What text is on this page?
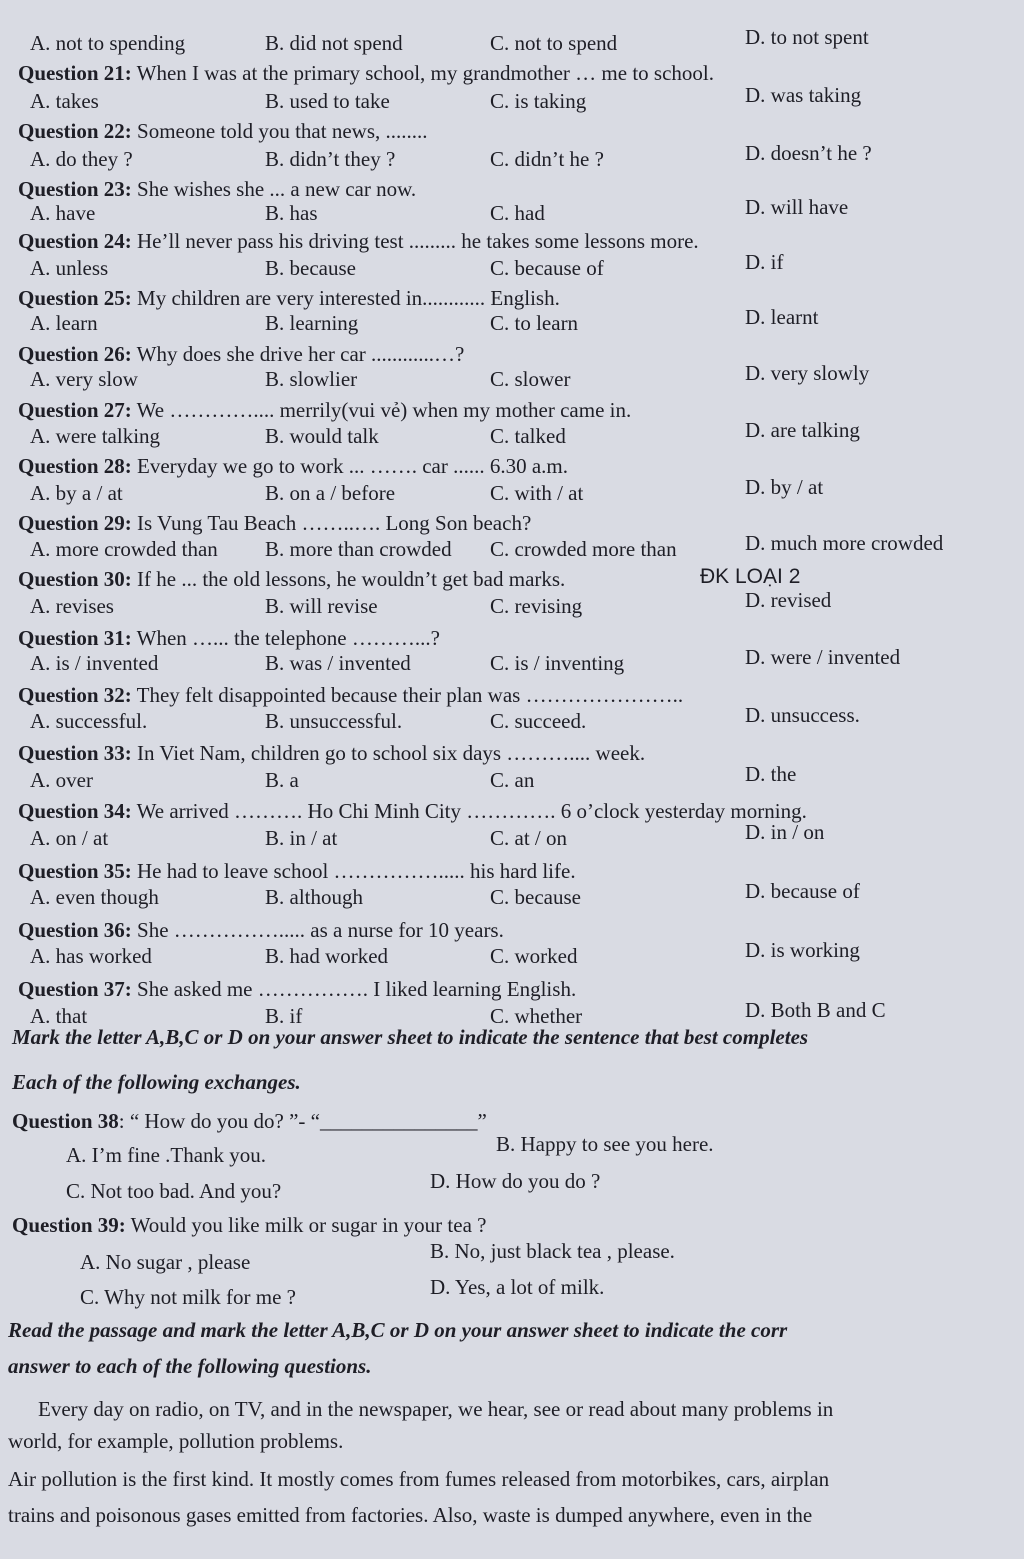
A. not to spending	B. did not spend	C. not to spend	D. to not spent
Question 21: When I was at the primary school, my grandmother … me to school.
A. takes	B. used to take	C. is taking	D. was taking
Question 22: Someone told you that news, ........
A. do they ?	B. didn’t they ?	C. didn’t he ?	D. doesn’t he ?
Question 23: She wishes she ... a new car now.
A. have	B. has	C. had	D. will have
Question 24: He’ll never pass his driving test ......... he takes some lessons more.
A. unless	B. because	C. because of	D. if
Question 25: My children are very interested in............ English.
A. learn	B. learning	C. to learn	D. learnt
Question 26: Why does she drive her car ............…?
A. very slow	B. slowlier	C. slower	D. very slowly
Question 27: We ………….... merrily(vui vẻ) when my mother came in.
A. were talking	B. would talk	C. talked	D. are talking
Question 28: Everyday we go to work ... ……. car ...... 6.30 a.m.
A. by a / at	B. on a / before	C. with / at	D. by / at
Question 29: Is Vung Tau Beach ……..…. Long Son beach?
A. more crowded than B. more than crowded C. crowded more than	D. much more crowded
Question 30: If he ... the old lessons, he wouldn’t get bad marks.	ĐK LOẠI 2
A. revises	B. will revise	C. revising	D. revised
Question 31: When …... the telephone ………...?
A. is / invented	B. was / invented	C. is / inventing	D. were / invented
Question 32: They felt disappointed because their plan was …………………..
A. successful.	B. unsuccessful.	C. succeed.	D. unsuccess.
Question 33: In Viet Nam, children go to school six days ……….... week.
A. over	B. a	C. an	D. the
Question 34: We arrived ………. Ho Chi Minh City …………. 6 o’clock yesterday morning.
A. on / at	B. in / at	C. at / on	D. in / on
Question 35: He had to leave school ……………..... his hard life.
A. even though	B. although	C. because	D. because of
Question 36: She ……………..... as a nurse for 10 years.
A. has worked	B. had worked	C. worked	D. is working
Question 37: She asked me ……………. I liked learning English.
A. that	B. if	C. whether	D. Both B and C
Mark the letter A,B,C or D on your answer sheet to indicate the sentence that best completes
Each of the following exchanges.
Question 38: “ How do you do? ”- “_______________”
A. I’m fine .Thank you.	B. Happy to see you here.
C. Not too bad. And you?	D. How do you do ?
Question 39: Would you like milk or sugar in your tea ?
A. No sugar , please	B. No, just black tea , please.
C. Why not milk for me ?	D. Yes, a lot of milk.
Read the passage and mark the letter A,B,C or D on your answer sheet to indicate the corr
answer to each of the following questions.
Every day on radio, on TV, and in the newspaper, we hear, see or read about many problems in
world, for example, pollution problems.
Air pollution is the first kind. It mostly comes from fumes released from motorbikes, cars, airplan
trains and poisonous gases emitted from factories. Also, waste is dumped anywhere, even in the
